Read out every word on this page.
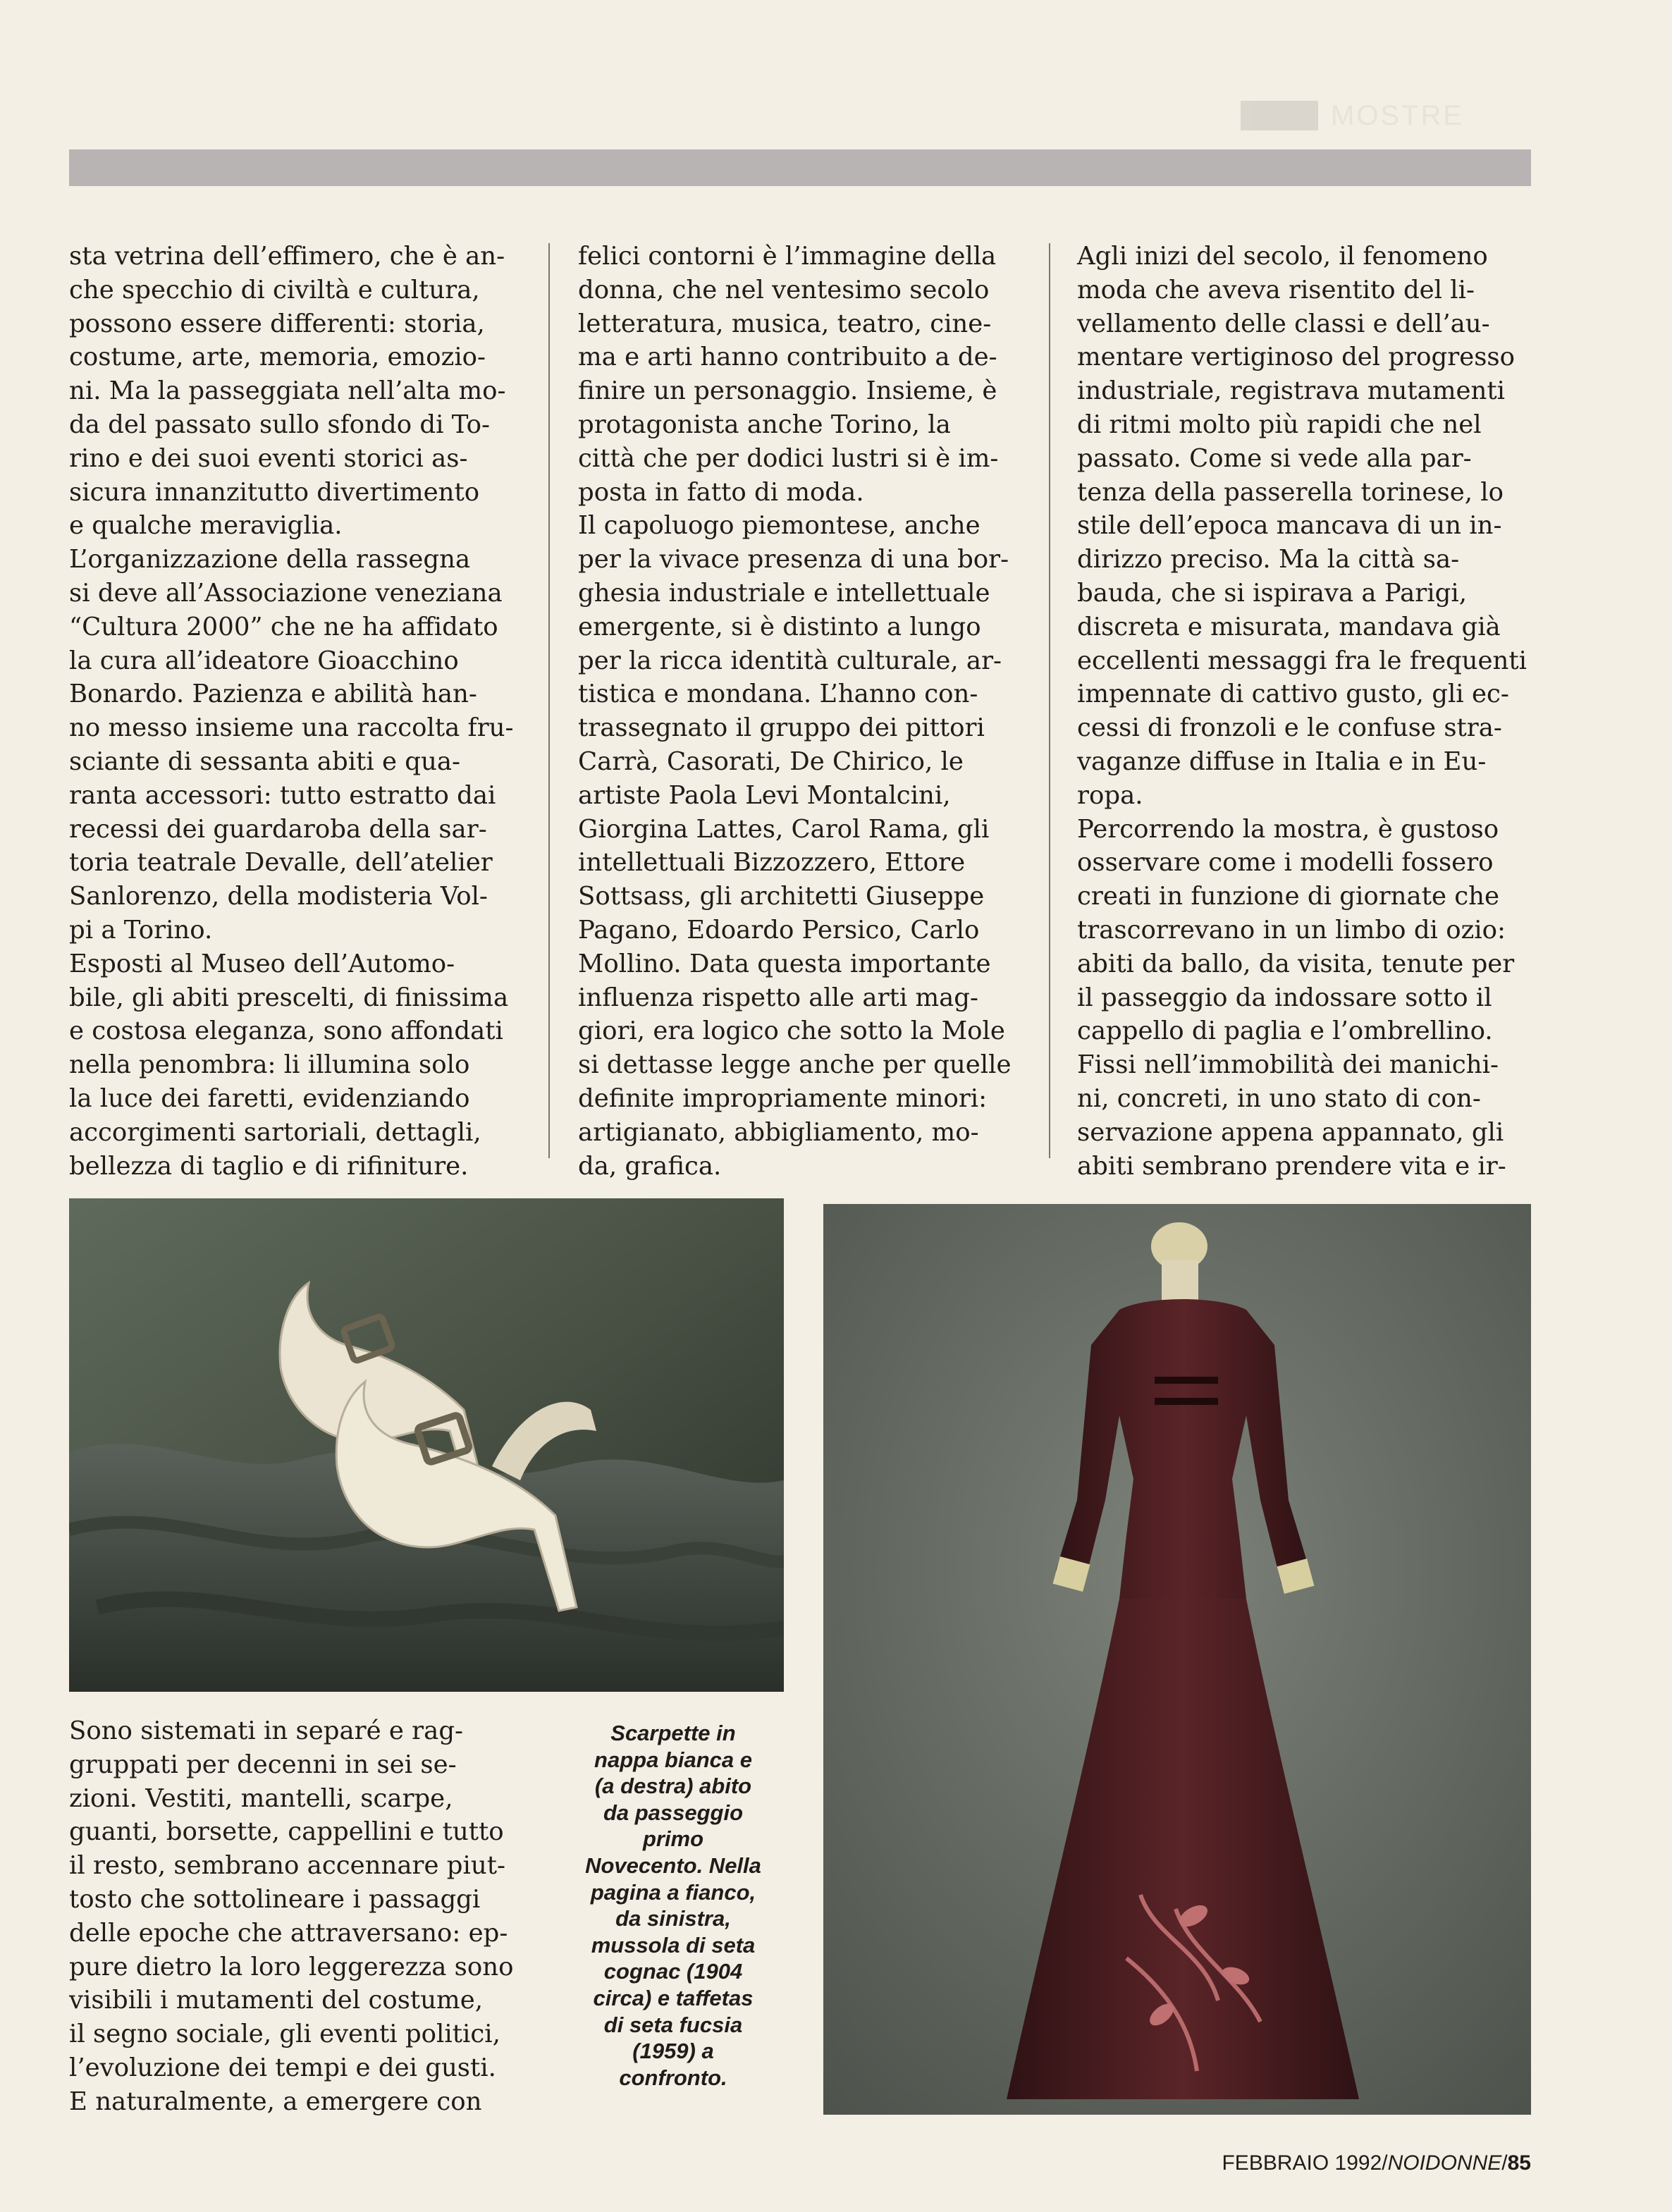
MOSTRE
sta vetrina dell’effimero, che è an-
che specchio di civiltà e cultura,
possono essere differenti: storia,
costume, arte, memoria, emozio-
ni. Ma la passeggiata nell’alta mo-
da del passato sullo sfondo di To-
rino e dei suoi eventi storici as-
sicura innanzitutto divertimento
e qualche meraviglia.
L’organizzazione della rassegna
si deve all’Associazione veneziana
“Cultura 2000” che ne ha affidato
la cura all’ideatore Gioacchino
Bonardo. Pazienza e abilità han-
no messo insieme una raccolta fru-
sciante di sessanta abiti e qua-
ranta accessori: tutto estratto dai
recessi dei guardaroba della sar-
toria teatrale Devalle, dell’atelier
Sanlorenzo, della modisteria Vol-
pi a Torino.
Esposti al Museo dell’Automo-
bile, gli abiti prescelti, di finissima
e costosa eleganza, sono affondati
nella penombra: li illumina solo
la luce dei faretti, evidenziando
accorgimenti sartoriali, dettagli,
bellezza di taglio e di rifiniture.
felici contorni è l’immagine della
donna, che nel ventesimo secolo
letteratura, musica, teatro, cine-
ma e arti hanno contribuito a de-
finire un personaggio. Insieme, è
protagonista anche Torino, la
città che per dodici lustri si è im-
posta in fatto di moda.
Il capoluogo piemontese, anche
per la vivace presenza di una bor-
ghesia industriale e intellettuale
emergente, si è distinto a lungo
per la ricca identità culturale, ar-
tistica e mondana. L’hanno con-
trassegnato il gruppo dei pittori
Carrà, Casorati, De Chirico, le
artiste Paola Levi Montalcini,
Giorgina Lattes, Carol Rama, gli
intellettuali Bizzozzero, Ettore
Sottsass, gli architetti Giuseppe
Pagano, Edoardo Persico, Carlo
Mollino. Data questa importante
influenza rispetto alle arti mag-
giori, era logico che sotto la Mole
si dettasse legge anche per quelle
definite impropriamente minori:
artigianato, abbigliamento, mo-
da, grafica.
Agli inizi del secolo, il fenomeno
moda che aveva risentito del li-
vellamento delle classi e dell’au-
mentare vertiginoso del progresso
industriale, registrava mutamenti
di ritmi molto più rapidi che nel
passato. Come si vede alla par-
tenza della passerella torinese, lo
stile dell’epoca mancava di un in-
dirizzo preciso. Ma la città sa-
bauda, che si ispirava a Parigi,
discreta e misurata, mandava già
eccellenti messaggi fra le frequenti
impennate di cattivo gusto, gli ec-
cessi di fronzoli e le confuse stra-
vaganze diffuse in Italia e in Eu-
ropa.
Percorrendo la mostra, è gustoso
osservare come i modelli fossero
creati in funzione di giornate che
trascorrevano in un limbo di ozio:
abiti da ballo, da visita, tenute per
il passeggio da indossare sotto il
cappello di paglia e l’ombrellino.
Fissi nell’immobilità dei manichi-
ni, concreti, in uno stato di con-
servazione appena appannato, gli
abiti sembrano prendere vita e ir-
Sono sistemati in separé e rag-
gruppati per decenni in sei se-
zioni. Vestiti, mantelli, scarpe,
guanti, borsette, cappellini e tutto
il resto, sembrano accennare piut-
tosto che sottolineare i passaggi
delle epoche che attraversano: ep-
pure dietro la loro leggerezza sono
visibili i mutamenti del costume,
il segno sociale, gli eventi politici,
l’evoluzione dei tempi e dei gusti.
E naturalmente, a emergere con
Scarpette in
nappa bianca e
(a destra) abito
da passeggio
primo
Novecento. Nella
pagina a fianco,
da sinistra,
mussola di seta
cognac (1904
circa) e taffetas
di seta fucsia
(1959) a
confronto.
FEBBRAIO 1992/NOIDONNE/85
